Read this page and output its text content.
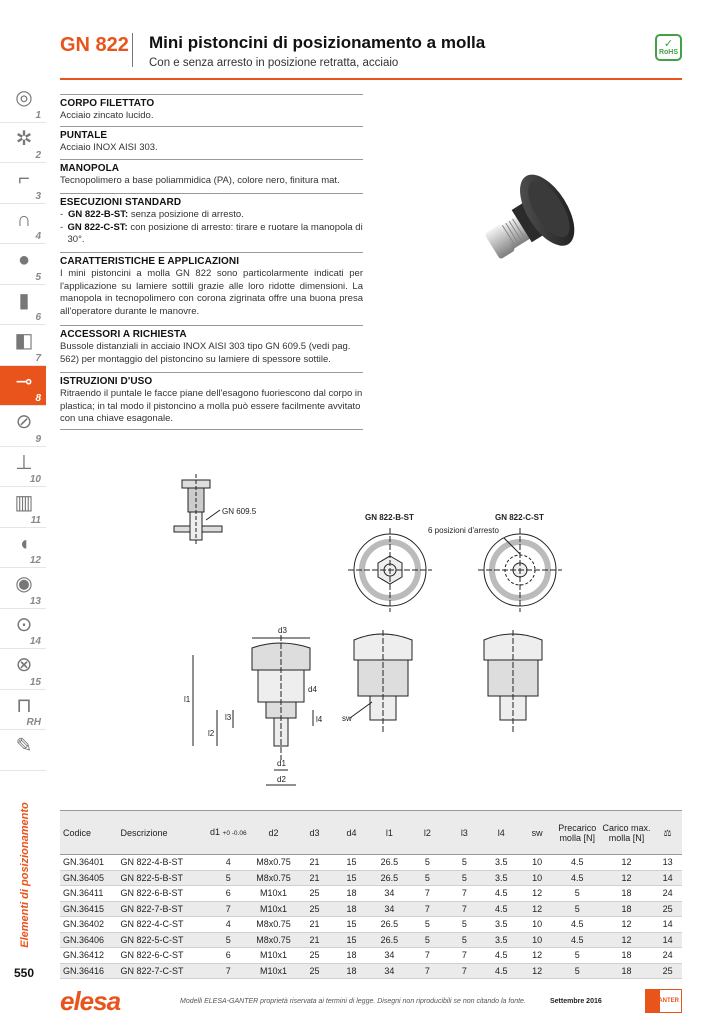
GN 822 Mini pistoncini di posizionamento a molla
Con e senza arresto in posizione retratta, acciaio
✓
RoHS
◎
1
✲
2
⌐
3
∩
4
●
5
▮
6
◧
7
⊸
8
⊘
9
⊥
10
▥
11
◖
12
◉
13
⊙
14
⊗
15
⊓
RH
✎
Elementi di posizionamento
550
CORPO FILETTATO
Acciaio zincato lucido.
PUNTALE
Acciaio INOX AISI 303.
MANOPOLA
Tecnopolimero a base poliammidica (PA), colore nero, finitura mat.
ESECUZIONI STANDARD
- GN 822-B-ST: senza posizione di arresto.
- GN 822-C-ST: con posizione di arresto: tirare e ruotare la manopola di 30°.
CARATTERISTICHE E APPLICAZIONI
I mini pistoncini a molla GN 822 sono particolarmente indicati per l'applicazione su lamiere sottili grazie alle loro ridotte dimensioni. La manopola in tecnopolimero con corona zigrinata offre una buona presa all'operatore durante le manovre.
ACCESSORI A RICHIESTA
Bussole distanziali in acciaio INOX AISI 303 tipo GN 609.5 (vedi pag. 562) per montaggio del pistoncino su lamiere di spessore sottile.
ISTRUZIONI D'USO
Ritraendo il puntale le facce piane dell'esagono fuoriescono dal corpo in plastica; in tal modo il pistoncino a molla può essere facilmente avvitato con una chiave esagonale.
GN 609.5
GN 822-B-ST	GN 822-C-ST
6 posizioni d'arresto
d3
d4
d1
d2
l1
l2
l3	l4 sw
Codice	Descrizione	d1 +0 -0.06	d2	d3	d4	l1	l2	l3	l4	sw	Precarico molla [N]	Carico max. molla [N]	⚖
GN.36401	GN 822-4-B-ST	4	M8x0.75	21	15	26.5	5	5	3.5	10	4.5	12	13
GN.36405	GN 822-5-B-ST	5	M8x0.75	21	15	26.5	5	5	3.5	10	4.5	12	14
GN.36411	GN 822-6-B-ST	6	M10x1	25	18	34	7	7	4.5	12	5	18	24
GN.36415	GN 822-7-B-ST	7	M10x1	25	18	34	7	7	4.5	12	5	18	25
GN.36402	GN 822-4-C-ST	4	M8x0.75	21	15	26.5	5	5	3.5	10	4.5	12	14
GN.36406	GN 822-5-C-ST	5	M8x0.75	21	15	26.5	5	5	3.5	10	4.5	12	14
GN.36412	GN 822-6-C-ST	6	M10x1	25	18	34	7	7	4.5	12	5	18	24
GN.36416	GN 822-7-C-ST	7	M10x1	25	18	34	7	7	4.5	12	5	18	25
elesa	Modelli ELESA-GANTER proprietà riservata ai termini di legge. Disegni non riproducibili se non citando la fonte.	Settembre 2016	GANTER
